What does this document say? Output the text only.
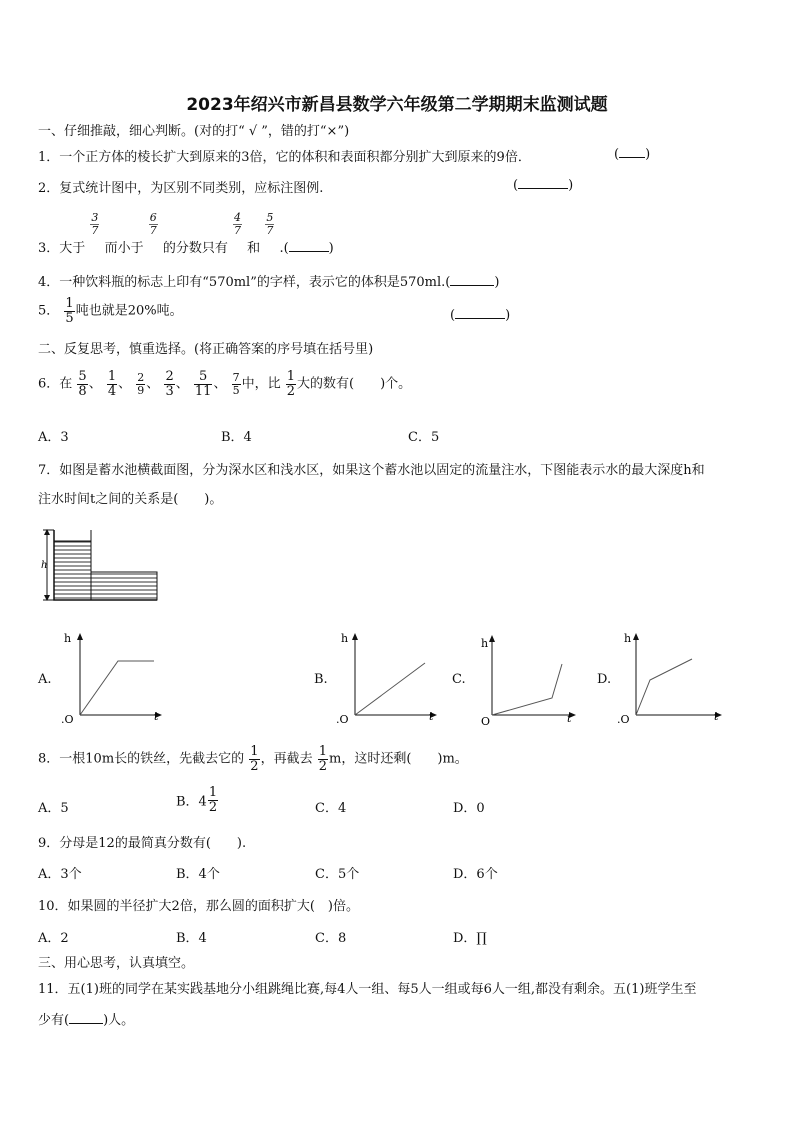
2023年绍兴市新昌县数学六年级第二学期期末监测试题
一、仔细推敲，细心判断。(对的打“ √ ”，错的打“×”)
1．一个正方体的棱长扩大到原来的3倍，它的体积和表面积都分别扩大到原来的9倍．	( )
2．复式统计图中，为区别不同类别，应标注图例.	(	)
3．大于
$\frac{3}{7}$
而小于
$\frac{6}{7}$
的分数只有
$\frac{4}{7}$
和
$\frac{5}{7}$
.(	)
4．一种饮料瓶的标志上印有“570ml”的字样，表示它的体积是570ml.(	)
5． $\frac{1}{5}$ 吨也就是20%吨。	(	)
二、反复思考，慎重选择。(将正确答案的序号填在括号里)
6．在 $\frac{5}{8}$ 、 $\frac{1}{4}$ 、 $\frac{2}{9}$ 、 $\frac{2}{3}$ 、 $\frac{5}{11}$ 、 $\frac{7}{5}$ 中，比 $\frac{1}{2}$ 大的数有(　　)个。
A．3	B．4	C．5
7．如图是蓄水池横截面图，分为深水区和浅水区，如果这个蓄水池以固定的流量注水，下图能表示水的最大深度h和
注水时间t之间的关系是(　　)。
h
A.	B.	C.	D.
h
t
.O
h
t
.O
h
t
O
h
t
.O
8．一根10m长的铁丝，先截去它的 $\frac{1}{2}$ ，再截去 $\frac{1}{2}$ m，这时还剩(　　)m。
A．5	B．$4 \frac{1}{2}$	C．4	D．0
9．分母是12的最简真分数有(　　).
A．3个	B．4个	C．5个	D．6个
10．如果圆的半径扩大2倍，那么圆的面积扩大(　)倍。
A．2	B．4	C．8	D．∏
三、用心思考，认真填空。
11．五(1)班的同学在某实践基地分小组跳绳比赛,每4人一组、每5人一组或每6人一组,都没有剩余。五(1)班学生至
少有(	)人。
